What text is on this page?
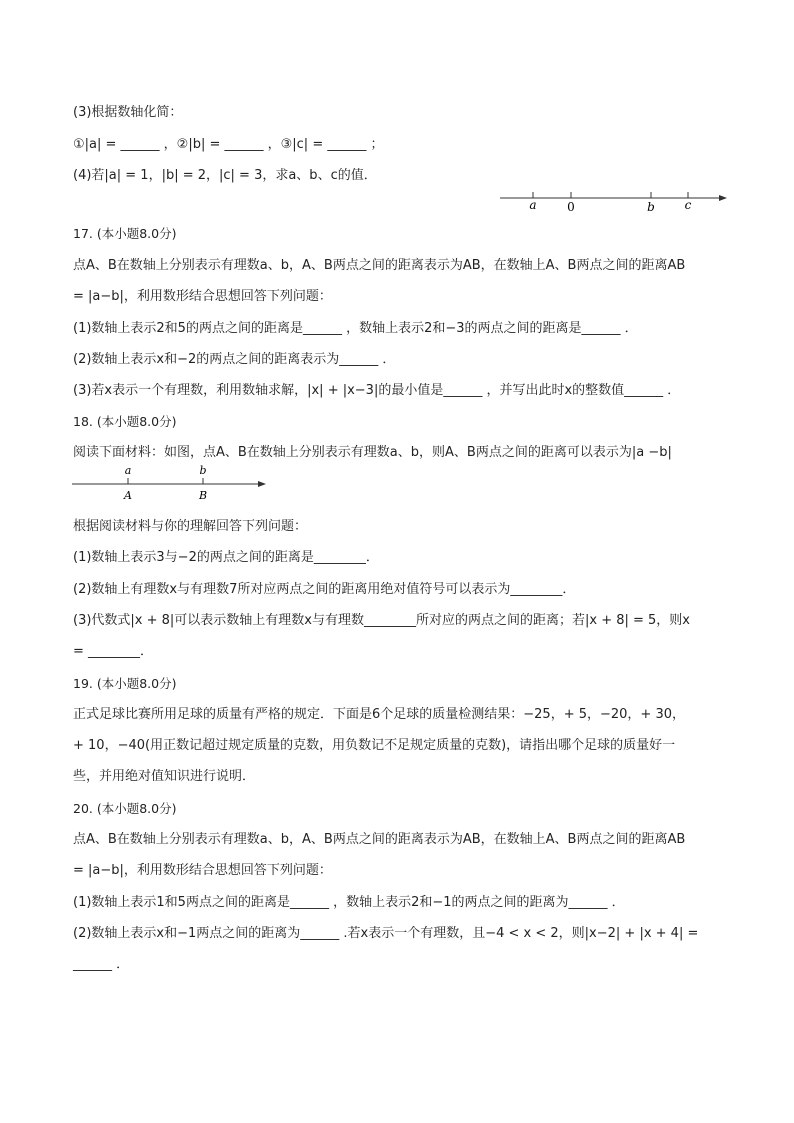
(3)根据数轴化简：
①|a| = ______ ，②|b| = ______ ，③|c| = ______ ；
(4)若|a| = 1，|b| = 2，|c| = 3，求a、b、c的值．
a	0	b c
17. (本小题8.0分)
点A、B在数轴上分别表示有理数a、b，A、B两点之间的距离表示为AB，在数轴上A、B两点之间的距离AB
= |a−b|，利用数形结合思想回答下列问题：
(1)数轴上表示2和5的两点之间的距离是______ ，数轴上表示2和−3的两点之间的距离是______ ．
(2)数轴上表示x和−2的两点之间的距离表示为______ ．
(3)若x表示一个有理数，利用数轴求解，|x| + |x−3|的最小值是______ ，并写出此时x的整数值______ ．
18. (本小题8.0分)
阅读下面材料：如图，点A、B在数轴上分别表示有理数a、b，则A、B两点之间的距离可以表示为|a −b|
a	b
A	B
根据阅读材料与你的理解回答下列问题：
(1)数轴上表示3与−2的两点之间的距离是________．
(2)数轴上有理数x与有理数7所对应两点之间的距离用绝对值符号可以表示为________．
(3)代数式|x + 8|可以表示数轴上有理数x与有理数________所对应的两点之间的距离；若|x + 8| = 5，则x
= ________．
19. (本小题8.0分)
正式足球比赛所用足球的质量有严格的规定．下面是6个足球的质量检测结果：−25，+ 5，−20，+ 30，
+ 10，−40(用正数记超过规定质量的克数，用负数记不足规定质量的克数)，请指出哪个足球的质量好一
些，并用绝对值知识进行说明．
20. (本小题8.0分)
点A、B在数轴上分别表示有理数a、b，A、B两点之间的距离表示为AB，在数轴上A、B两点之间的距离AB
= |a−b|，利用数形结合思想回答下列问题：
(1)数轴上表示1和5两点之间的距离是______ ，数轴上表示2和−1的两点之间的距离为______ ．
(2)数轴上表示x和−1两点之间的距离为______ .若x表示一个有理数，且−4 < x < 2，则|x−2| + |x + 4| =
______ ．
